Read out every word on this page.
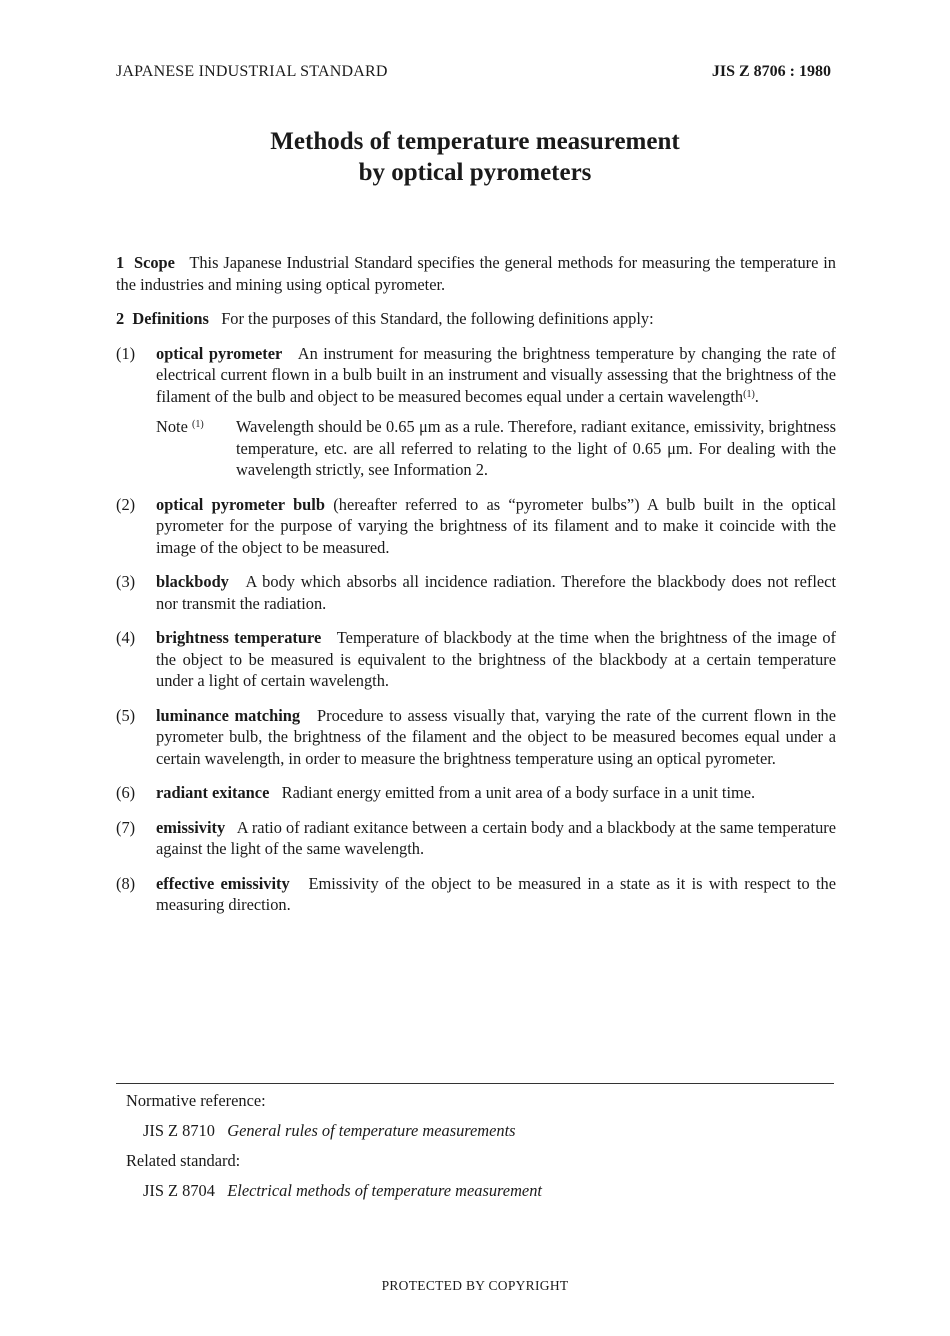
JAPANESE INDUSTRIAL STANDARD	JIS Z 8706 : 1980
Methods of temperature measurement
by optical pyrometers

1  Scope This Japanese Industrial Standard specifies the general methods for measuring the temperature in the industries and mining using optical pyrometer.

2  Definitions For the purposes of this Standard, the following definitions apply:

(1) optical pyrometer An instrument for measuring the brightness temperature by changing the rate of electrical current flown in a bulb built in an instrument and visually assessing that the brightness of the filament of the bulb and object to be measured becomes equal under a certain wavelength$^{(1)}$.
Note $^{(1)}$ Wavelength should be 0.65 μm as a rule. Therefore, radiant exitance, emissivity, brightness temperature, etc. are all referred to relating to the light of 0.65 μm. For dealing with the wavelength strictly, see Information 2.
(2) optical pyrometer bulb (hereafter referred to as “pyrometer bulbs”) A bulb built in the optical pyrometer for the purpose of varying the brightness of its filament and to make it coincide with the image of the object to be measured.
(3) blackbody A body which absorbs all incidence radiation. Therefore the blackbody does not reflect nor transmit the radiation.
(4) brightness temperature Temperature of blackbody at the time when the brightness of the image of the object to be measured is equivalent to the brightness of the blackbody at a certain temperature under a light of certain wavelength.
(5) luminance matching Procedure to assess visually that, varying the rate of the current flown in the pyrometer bulb, the brightness of the filament and the object to be measured becomes equal under a certain wavelength, in order to measure the brightness temperature using an optical pyrometer.
(6) radiant exitance Radiant energy emitted from a unit area of a body surface in a unit time.
(7) emissivity A ratio of radiant exitance between a certain body and a blackbody at the same temperature against the light of the same wavelength.
(8) effective emissivity Emissivity of the object to be measured in a state as it is with respect to the measuring direction.
Normative reference:
JIS Z 8710 General rules of temperature measurements
Related standard:
JIS Z 8704 Electrical methods of temperature measurement
PROTECTED BY COPYRIGHT
